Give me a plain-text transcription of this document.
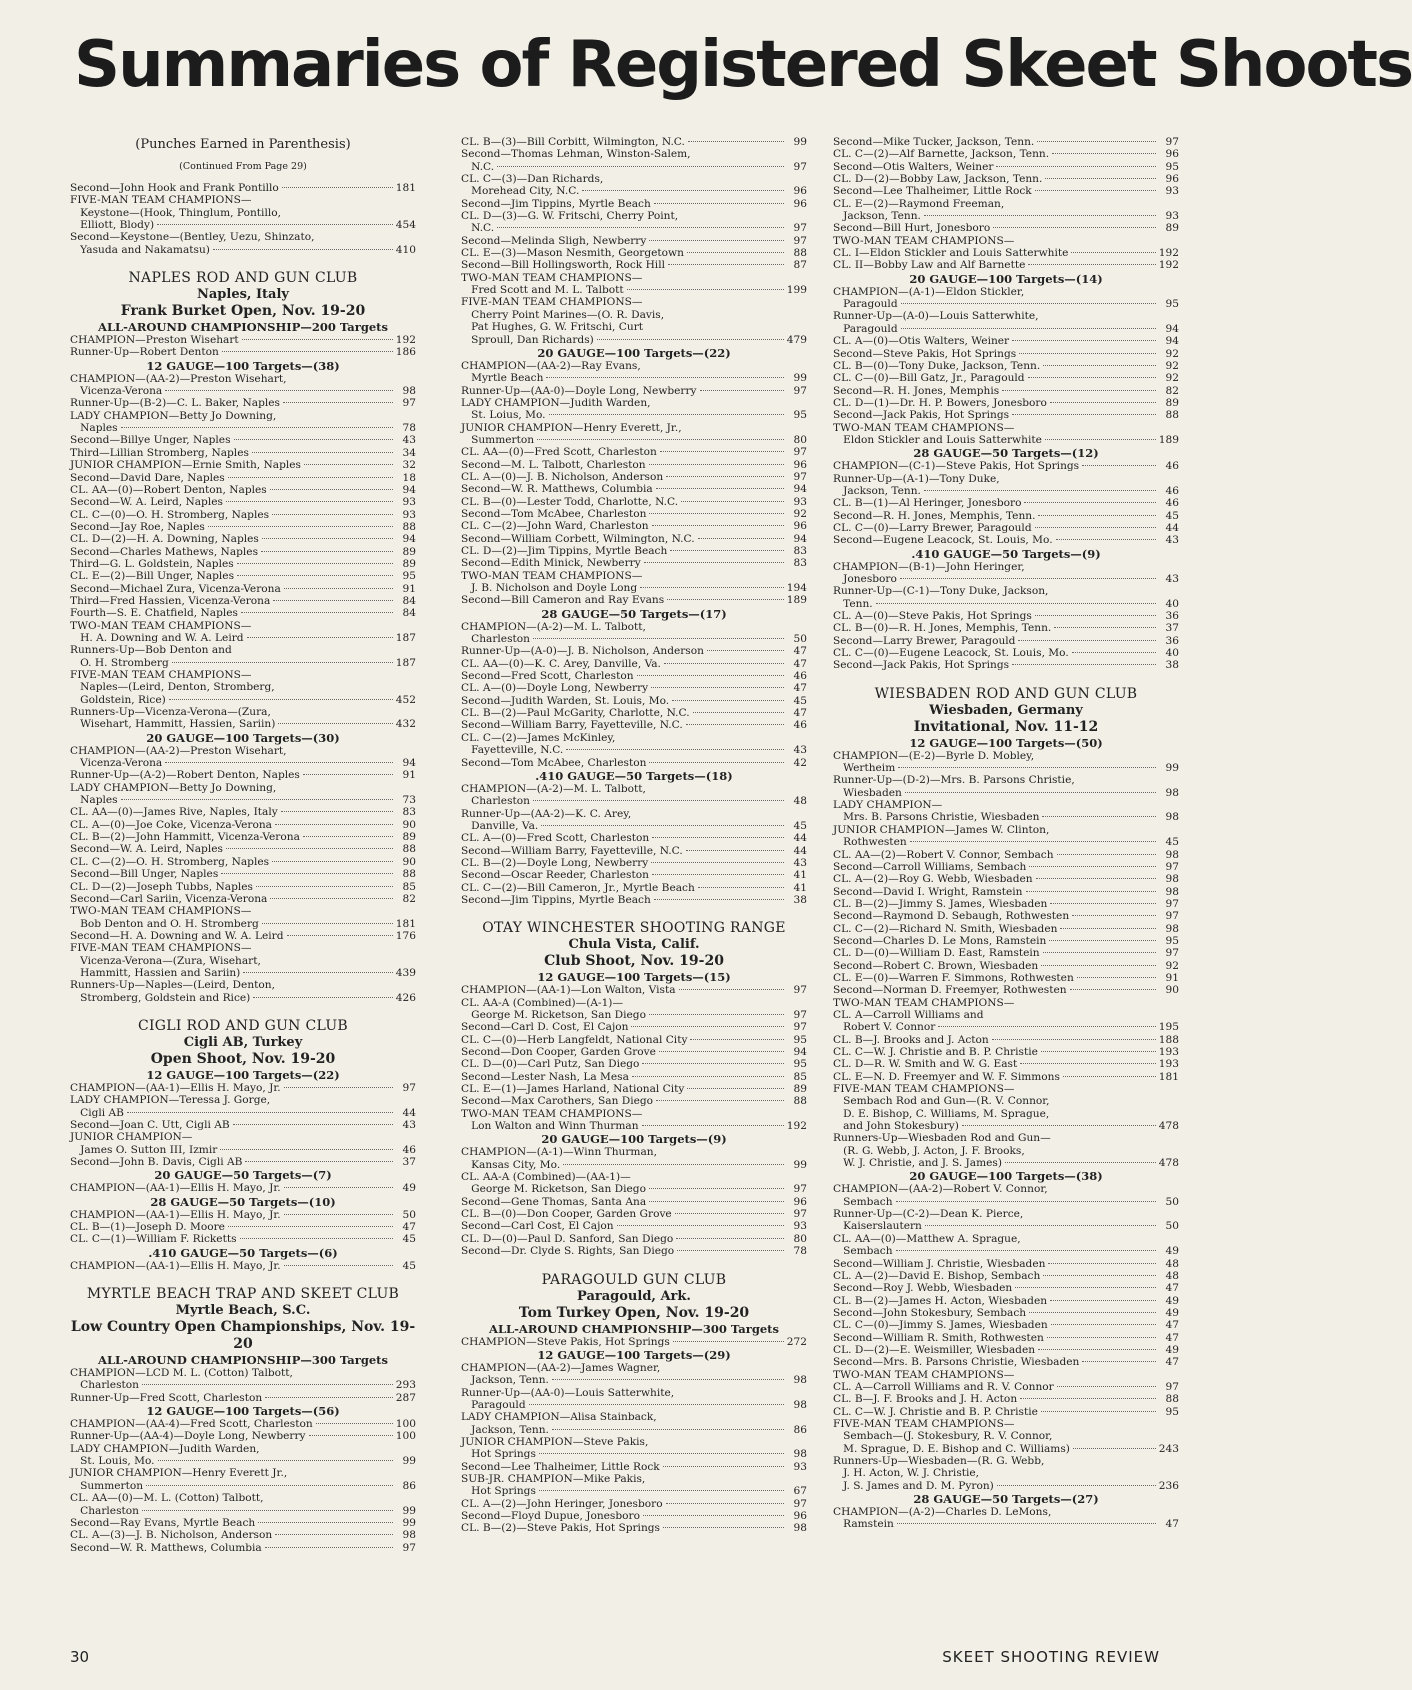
Summaries of Registered Skeet Shoots
(Punches Earned in Parenthesis)
(Continued From Page 29)
Second—John Hook and Frank Pontillo	181
FIVE-MAN TEAM CHAMPIONS—
Keystone—(Hook, Thinglum, Pontillo,
Elliott, Blody)	454
Second—Keystone—(Bentley, Uezu, Shinzato,
Yasuda and Nakamatsu)	410
NAPLES ROD AND GUN CLUB
Naples, Italy
Frank Burket Open, Nov. 19-20
ALL-AROUND CHAMPIONSHIP—200 Targets
CHAMPION—Preston Wisehart	192
Runner-Up—Robert Denton	186
12 GAUGE—100 Targets—(38)
CHAMPION—(AA-2)—Preston Wisehart,
Vicenza-Verona	98
Runner-Up—(B-2)—C. L. Baker, Naples	97
LADY CHAMPION—Betty Jo Downing,
Naples	78
Second—Billye Unger, Naples	43
Third—Lillian Stromberg, Naples	34
JUNIOR CHAMPION—Ernie Smith, Naples	32
Second—David Dare, Naples	18
CL. AA—(0)—Robert Denton, Naples	94
Second—W. A. Leird, Naples	93
CL. C—(0)—O. H. Stromberg, Naples	93
Second—Jay Roe, Naples	88
CL. D—(2)—H. A. Downing, Naples	94
Second—Charles Mathews, Naples	89
Third—G. L. Goldstein, Naples	89
CL. E—(2)—Bill Unger, Naples	95
Second—Michael Zura, Vicenza-Verona	91
Third—Fred Hassien, Vicenza-Verona	84
Fourth—S. E. Chatfield, Naples	84
TWO-MAN TEAM CHAMPIONS—
H. A. Downing and W. A. Leird	187
Runners-Up—Bob Denton and
O. H. Stromberg	187
FIVE-MAN TEAM CHAMPIONS—
Naples—(Leird, Denton, Stromberg,
Goldstein, Rice)	452
Runners-Up—Vicenza-Verona—(Zura,
Wisehart, Hammitt, Hassien, Sariin)	432
20 GAUGE—100 Targets—(30)
CHAMPION—(AA-2)—Preston Wisehart,
Vicenza-Verona	94
Runner-Up—(A-2)—Robert Denton, Naples	91
LADY CHAMPION—Betty Jo Downing,
Naples	73
CL. AA—(0)—James Rive, Naples, Italy	83
CL. A—(0)—Joe Coke, Vicenza-Verona	90
CL. B—(2)—John Hammitt, Vicenza-Verona	89
Second—W. A. Leird, Naples	88
CL. C—(2)—O. H. Stromberg, Naples	90
Second—Bill Unger, Naples	88
CL. D—(2)—Joseph Tubbs, Naples	85
Second—Carl Sariin, Vicenza-Verona	82
TWO-MAN TEAM CHAMPIONS—
Bob Denton and O. H. Stromberg	181
Second—H. A. Downing and W. A. Leird	176
FIVE-MAN TEAM CHAMPIONS—
Vicenza-Verona—(Zura, Wisehart,
Hammitt, Hassien and Sariin)	439
Runners-Up—Naples—(Leird, Denton,
Stromberg, Goldstein and Rice)	426
CIGLI ROD AND GUN CLUB
Cigli AB, Turkey
Open Shoot, Nov. 19-20
12 GAUGE—100 Targets—(22)
CHAMPION—(AA-1)—Ellis H. Mayo, Jr.	97
LADY CHAMPION—Teressa J. Gorge,
Cigli AB	44
Second—Joan C. Utt, Cigli AB	43
JUNIOR CHAMPION—
James O. Sutton III, Izmir	46
Second—John B. Davis, Cigli AB	37
20 GAUGE—50 Targets—(7)
CHAMPION—(AA-1)—Ellis H. Mayo, Jr.	49
28 GAUGE—50 Targets—(10)
CHAMPION—(AA-1)—Ellis H. Mayo, Jr.	50
CL. B—(1)—Joseph D. Moore	47
CL. C—(1)—William F. Ricketts	45
.410 GAUGE—50 Targets—(6)
CHAMPION—(AA-1)—Ellis H. Mayo, Jr.	45
MYRTLE BEACH TRAP AND SKEET CLUB
Myrtle Beach, S.C.
Low Country Open Championships, Nov. 19-20
ALL-AROUND CHAMPIONSHIP—300 Targets
CHAMPION—LCD M. L. (Cotton) Talbott,
Charleston	293
Runner-Up—Fred Scott, Charleston	287
12 GAUGE—100 Targets—(56)
CHAMPION—(AA-4)—Fred Scott, Charleston	100
Runner-Up—(AA-4)—Doyle Long, Newberry	100
LADY CHAMPION—Judith Warden,
St. Louis, Mo.	99
JUNIOR CHAMPION—Henry Everett Jr.,
Summerton	86
CL. AA—(0)—M. L. (Cotton) Talbott,
Charleston	99
Second—Ray Evans, Myrtle Beach	99
CL. A—(3)—J. B. Nicholson, Anderson	98
Second—W. R. Matthews, Columbia	97
CL. B—(3)—Bill Corbitt, Wilmington, N.C.	99
Second—Thomas Lehman, Winston-Salem,
N.C.	97
CL. C—(3)—Dan Richards,
Morehead City, N.C.	96
Second—Jim Tippins, Myrtle Beach	96
CL. D—(3)—G. W. Fritschi, Cherry Point,
N.C.	97
Second—Melinda Sligh, Newberry	97
CL. E—(3)—Mason Nesmith, Georgetown	88
Second—Bill Hollingsworth, Rock Hill	87
TWO-MAN TEAM CHAMPIONS—
Fred Scott and M. L. Talbott	199
FIVE-MAN TEAM CHAMPIONS—
Cherry Point Marines—(O. R. Davis,
Pat Hughes, G. W. Fritschi, Curt
Sproull, Dan Richards)	479
20 GAUGE—100 Targets—(22)
CHAMPION—(AA-2)—Ray Evans,
Myrtle Beach	99
Runner-Up—(AA-0)—Doyle Long, Newberry	97
LADY CHAMPION—Judith Warden,
St. Loius, Mo.	95
JUNIOR CHAMPION—Henry Everett, Jr.,
Summerton	80
CL. AA—(0)—Fred Scott, Charleston	97
Second—M. L. Talbott, Charleston	96
CL. A—(0)—J. B. Nicholson, Anderson	97
Second—W. R. Matthews, Columbia	94
CL. B—(0)—Lester Todd, Charlotte, N.C.	93
Second—Tom McAbee, Charleston	92
CL. C—(2)—John Ward, Charleston	96
Second—William Corbett, Wilmington, N.C.	94
CL. D—(2)—Jim Tippins, Myrtle Beach	83
Second—Edith Minick, Newberry	83
TWO-MAN TEAM CHAMPIONS—
J. B. Nicholson and Doyle Long	194
Second—Bill Cameron and Ray Evans	189
28 GAUGE—50 Targets—(17)
CHAMPION—(A-2)—M. L. Talbott,
Charleston	50
Runner-Up—(A-0)—J. B. Nicholson, Anderson	47
CL. AA—(0)—K. C. Arey, Danville, Va.	47
Second—Fred Scott, Charleston	46
CL. A—(0)—Doyle Long, Newberry	47
Second—Judith Warden, St. Louis, Mo.	45
CL. B—(2)—Paul McGarity, Charlotte, N.C.	47
Second—William Barry, Fayetteville, N.C.	46
CL. C—(2)—James McKinley,
Fayetteville, N.C.	43
Second—Tom McAbee, Charleston	42
.410 GAUGE—50 Targets—(18)
CHAMPION—(A-2)—M. L. Talbott,
Charleston	48
Runner-Up—(AA-2)—K. C. Arey,
Danville, Va.	45
CL. A—(0)—Fred Scott, Charleston	44
Second—William Barry, Fayetteville, N.C.	44
CL. B—(2)—Doyle Long, Newberry	43
Second—Oscar Reeder, Charleston	41
CL. C—(2)—Bill Cameron, Jr., Myrtle Beach	41
Second—Jim Tippins, Myrtle Beach	38
OTAY WINCHESTER SHOOTING RANGE
Chula Vista, Calif.
Club Shoot, Nov. 19-20
12 GAUGE—100 Targets—(15)
CHAMPION—(AA-1)—Lon Walton, Vista	97
CL. AA-A (Combined)—(A-1)—
George M. Ricketson, San Diego	97
Second—Carl D. Cost, El Cajon	97
CL. C—(0)—Herb Langfeldt, National City	95
Second—Don Cooper, Garden Grove	94
CL. D—(0)—Carl Putz, San Diego	95
Second—Lester Nash, La Mesa	85
CL. E—(1)—James Harland, National City	89
Second—Max Carothers, San Diego	88
TWO-MAN TEAM CHAMPIONS—
Lon Walton and Winn Thurman	192
20 GAUGE—100 Targets—(9)
CHAMPION—(A-1)—Winn Thurman,
Kansas City, Mo.	99
CL. AA-A (Combined)—(AA-1)—
George M. Ricketson, San Diego	97
Second—Gene Thomas, Santa Ana	96
CL. B—(0)—Don Cooper, Garden Grove	97
Second—Carl Cost, El Cajon	93
CL. D—(0)—Paul D. Sanford, San Diego	80
Second—Dr. Clyde S. Rights, San Diego	78
PARAGOULD GUN CLUB
Paragould, Ark.
Tom Turkey Open, Nov. 19-20
ALL-AROUND CHAMPIONSHIP—300 Targets
CHAMPION—Steve Pakis, Hot Springs	272
12 GAUGE—100 Targets—(29)
CHAMPION—(AA-2)—James Wagner,
Jackson, Tenn.	98
Runner-Up—(AA-0)—Louis Satterwhite,
Paragould	98
LADY CHAMPION—Alisa Stainback,
Jackson, Tenn.	86
JUNIOR CHAMPION—Steve Pakis,
Hot Springs	98
Second—Lee Thalheimer, Little Rock	93
SUB-JR. CHAMPION—Mike Pakis,
Hot Springs	67
CL. A—(2)—John Heringer, Jonesboro	97
Second—Floyd Dupue, Jonesboro	96
CL. B—(2)—Steve Pakis, Hot Springs	98
Second—Mike Tucker, Jackson, Tenn.	97
CL. C—(2)—Alf Barnette, Jackson, Tenn.	96
Second—Otis Walters, Weiner	95
CL. D—(2)—Bobby Law, Jackson, Tenn.	96
Second—Lee Thalheimer, Little Rock	93
CL. E—(2)—Raymond Freeman,
Jackson, Tenn.	93
Second—Bill Hurt, Jonesboro	89
TWO-MAN TEAM CHAMPIONS—
CL. I—Eldon Stickler and Louis Satterwhite	192
CL. II—Bobby Law and Alf Barnette	192
20 GAUGE—100 Targets—(14)
CHAMPION—(A-1)—Eldon Stickler,
Paragould	95
Runner-Up—(A-0)—Louis Satterwhite,
Paragould	94
CL. A—(0)—Otis Walters, Weiner	94
Second—Steve Pakis, Hot Springs	92
CL. B—(0)—Tony Duke, Jackson, Tenn.	92
CL. C—(0)—Bill Gatz, Jr., Paragould	92
Second—R. H. Jones, Memphis	82
CL. D—(1)—Dr. H. P. Bowers, Jonesboro	89
Second—Jack Pakis, Hot Springs	88
TWO-MAN TEAM CHAMPIONS—
Eldon Stickler and Louis Satterwhite	189
28 GAUGE—50 Targets—(12)
CHAMPION—(C-1)—Steve Pakis, Hot Springs	46
Runner-Up—(A-1)—Tony Duke,
Jackson, Tenn.	46
CL. B—(1)—Al Heringer, Jonesboro	46
Second—R. H. Jones, Memphis, Tenn.	45
CL. C—(0)—Larry Brewer, Paragould	44
Second—Eugene Leacock, St. Louis, Mo.	43
.410 GAUGE—50 Targets—(9)
CHAMPION—(B-1)—John Heringer,
Jonesboro	43
Runner-Up—(C-1)—Tony Duke, Jackson,
Tenn.	40
CL. A—(0)—Steve Pakis, Hot Springs	36
CL. B—(0)—R. H. Jones, Memphis, Tenn.	37
Second—Larry Brewer, Paragould	36
CL. C—(0)—Eugene Leacock, St. Louis, Mo.	40
Second—Jack Pakis, Hot Springs	38
WIESBADEN ROD AND GUN CLUB
Wiesbaden, Germany
Invitational, Nov. 11-12
12 GAUGE—100 Targets—(50)
CHAMPION—(E-2)—Byrle D. Mobley,
Wertheim	99
Runner-Up—(D-2)—Mrs. B. Parsons Christie,
Wiesbaden	98
LADY CHAMPION—
Mrs. B. Parsons Christie, Wiesbaden	98
JUNIOR CHAMPION—James W. Clinton,
Rothwesten	45
CL. AA—(2)—Robert V. Connor, Sembach	98
Second—Carroll Williams, Sembach	97
CL. A—(2)—Roy G. Webb, Wiesbaden	98
Second—David I. Wright, Ramstein	98
CL. B—(2)—Jimmy S. James, Wiesbaden	97
Second—Raymond D. Sebaugh, Rothwesten	97
CL. C—(2)—Richard N. Smith, Wiesbaden	98
Second—Charles D. Le Mons, Ramstein	95
CL. D—(0)—William D. East, Ramstein	97
Second—Robert C. Brown, Wiesbaden	92
CL. E—(0)—Warren F. Simmons, Rothwesten	91
Second—Norman D. Freemyer, Rothwesten	90
TWO-MAN TEAM CHAMPIONS—
CL. A—Carroll Williams and
Robert V. Connor	195
CL. B—J. Brooks and J. Acton	188
CL. C—W. J. Christie and B. P. Christie	193
CL. D—R. W. Smith and W. G. East	193
CL. E—N. D. Freemyer and W. F. Simmons	181
FIVE-MAN TEAM CHAMPIONS—
Sembach Rod and Gun—(R. V. Connor,
D. E. Bishop, C. Williams, M. Sprague,
and John Stokesbury)	478
Runners-Up—Wiesbaden Rod and Gun—
(R. G. Webb, J. Acton, J. F. Brooks,
W. J. Christie, and J. S. James)	478
20 GAUGE—100 Targets—(38)
CHAMPION—(AA-2)—Robert V. Connor,
Sembach	50
Runner-Up—(C-2)—Dean K. Pierce,
Kaiserslautern	50
CL. AA—(0)—Matthew A. Sprague,
Sembach	49
Second—William J. Christie, Wiesbaden	48
CL. A—(2)—David E. Bishop, Sembach	48
Second—Roy J. Webb, Wiesbaden	47
CL. B—(2)—James H. Acton, Wiesbaden	49
Second—John Stokesbury, Sembach	49
CL. C—(0)—Jimmy S. James, Wiesbaden	47
Second—William R. Smith, Rothwesten	47
CL. D—(2)—E. Weismiller, Wiesbaden	49
Second—Mrs. B. Parsons Christie, Wiesbaden	47
TWO-MAN TEAM CHAMPIONS—
CL. A—Carroll Williams and R. V. Connor	97
CL. B—J. F. Brooks and J. H. Acton	88
CL. C—W. J. Christie and B. P. Christie	95
FIVE-MAN TEAM CHAMPIONS—
Sembach—(J. Stokesbury, R. V. Connor,
M. Sprague, D. E. Bishop and C. Williams)	243
Runners-Up—Wiesbaden—(R. G. Webb,
J. H. Acton, W. J. Christie,
J. S. James and D. M. Pyron)	236
28 GAUGE—50 Targets—(27)
CHAMPION—(A-2)—Charles D. LeMons,
Ramstein	47
30	SKEET SHOOTING REVIEW
